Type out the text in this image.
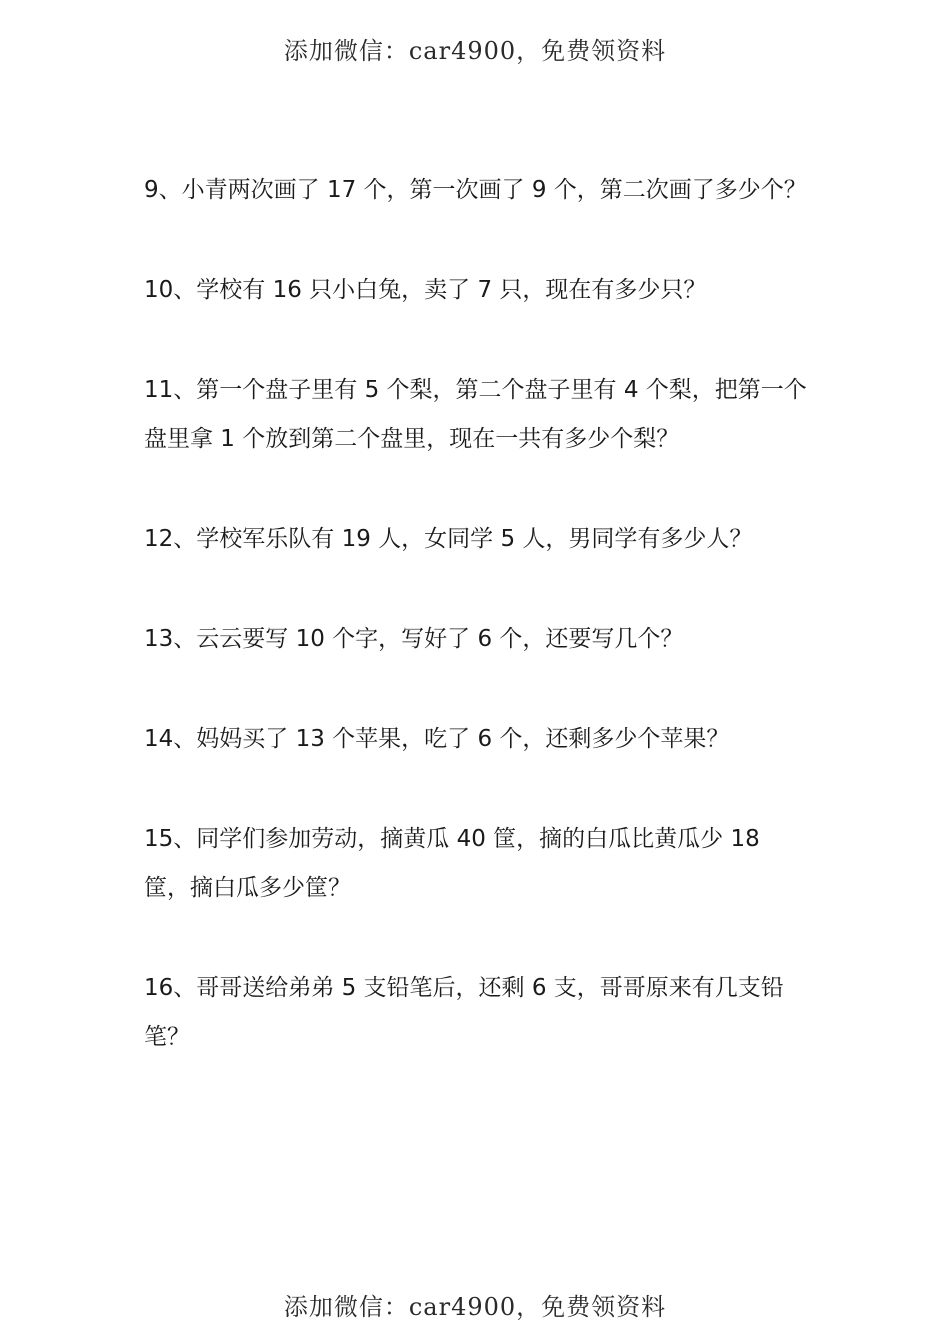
添加微信：car4900，免费领资料
9、小青两次画了 17 个，第一次画了 9 个，第二次画了多少个？
10、学校有 16 只小白兔，卖了 7 只，现在有多少只？
11、第一个盘子里有 5 个梨，第二个盘子里有 4 个梨，把第一个盘里拿 1 个放到第二个盘里，现在一共有多少个梨？
12、学校军乐队有 19 人，女同学 5 人，男同学有多少人？
13、云云要写 10 个字，写好了 6 个，还要写几个？
14、妈妈买了 13 个苹果，吃了 6 个，还剩多少个苹果？
15、同学们参加劳动，摘黄瓜 40 筐，摘的白瓜比黄瓜少 18 筐，摘白瓜多少筐？
16、哥哥送给弟弟 5 支铅笔后，还剩 6 支，哥哥原来有几支铅笔？
添加微信：car4900，免费领资料
